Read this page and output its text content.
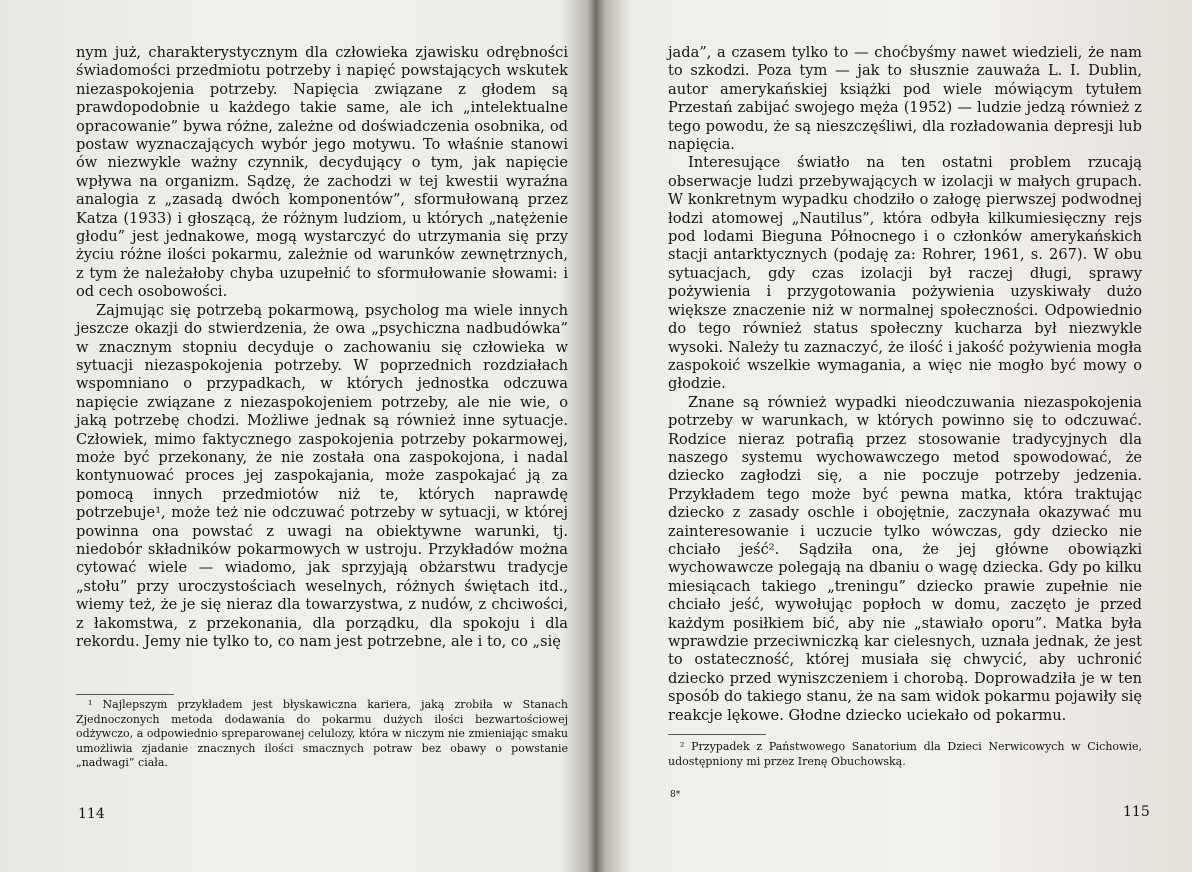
nym już, charakterystycznym dla człowieka zjawisku odrębności świadomości przedmiotu potrzeby i napięć powstających wskutek niezaspokojenia potrzeby. Napięcia związane z głodem są prawdopodobnie u każdego takie same, ale ich „intelektualne opracowanie” bywa różne, zależne od doświadczenia osobnika, od postaw wyznaczających wybór jego motywu. To właśnie stanowi ów niezwykle ważny czynnik, decydujący o tym, jak napięcie wpływa na organizm. Sądzę, że zachodzi w tej kwestii wyraźna analogia z „zasadą dwóch komponentów”, sformułowaną przez Katza (1933) i głoszącą, że różnym ludziom, u których „natężenie głodu” jest jednakowe, mogą wystarczyć do utrzymania się przy życiu różne ilości pokarmu, zależnie od warunków zewnętrznych, z tym że należałoby chyba uzupełnić to sformułowanie słowami: i od cech osobowości.

Zajmując się potrzebą pokarmową, psycholog ma wiele innych jeszcze okazji do stwierdzenia, że owa „psychiczna nadbudówka” w znacznym stopniu decyduje o zachowaniu się człowieka w sytuacji niezaspokojenia potrzeby. W poprzednich rozdziałach wspomniano o przypadkach, w których jednostka odczuwa napięcie związane z niezaspokojeniem potrzeby, ale nie wie, o jaką potrzebę chodzi. Możliwe jednak są również inne sytuacje. Człowiek, mimo faktycznego zaspokojenia potrzeby pokarmowej, może być przekonany, że nie została ona zaspokojona, i nadal kontynuować proces jej zaspokajania, może zaspokajać ją za pomocą innych przedmiotów niż te, których naprawdę potrzebuje¹, może też nie odczuwać potrzeby w sytuacji, w której powinna ona powstać z uwagi na obiektywne warunki, tj. niedobór składników pokarmowych w ustroju. Przykładów można cytować wiele — wiadomo, jak sprzyjają obżarstwu tradycje „stołu” przy uroczystościach weselnych, różnych świętach itd., wiemy też, że je się nieraz dla towarzystwa, z nudów, z chciwości, z łakomstwa, z przekonania, dla porządku, dla spokoju i dla rekordu. Jemy nie tylko to, co nam jest potrzebne, ale i to, co „się

¹ Najlepszym przykładem jest błyskawiczna kariera, jaką zrobiła w Stanach Zjednoczonych metoda dodawania do pokarmu dużych ilości bezwartościowej odżywczo, a odpowiednio spreparowanej celulozy, która w niczym nie zmieniając smaku umożliwia zjadanie znacznych ilości smacznych potraw bez obawy o powstanie „nadwagi” ciała.

114

jada”, a czasem tylko to — choćbyśmy nawet wiedzieli, że nam to szkodzi. Poza tym — jak to słusznie zauważa L. I. Dublin, autor amerykańskiej książki pod wiele mówiącym tytułem Przestań zabijać swojego męża (1952) — ludzie jedzą również z tego powodu, że są nieszczęśliwi, dla rozładowania depresji lub napięcia.

Interesujące światło na ten ostatni problem rzucają obserwacje ludzi przebywających w izolacji w małych grupach. W konkretnym wypadku chodziło o załogę pierwszej podwodnej łodzi atomowej „Nautilus”, która odbyła kilkumiesięczny rejs pod lodami Bieguna Północnego i o członków amerykańskich stacji antarktycznych (podaję za: Rohrer, 1961, s. 267). W obu sytuacjach, gdy czas izolacji był raczej długi, sprawy pożywienia i przygotowania pożywienia uzyskiwały dużo większe znaczenie niż w normalnej społeczności. Odpowiednio do tego również status społeczny kucharza był niezwykle wysoki. Należy tu zaznaczyć, że ilość i jakość pożywienia mogła zaspokoić wszelkie wymagania, a więc nie mogło być mowy o głodzie.

Znane są również wypadki nieodczuwania niezaspokojenia potrzeby w warunkach, w których powinno się to odczuwać. Rodzice nieraz potrafią przez stosowanie tradycyjnych dla naszego systemu wychowawczego metod spowodować, że dziecko zagłodzi się, a nie poczuje potrzeby jedzenia. Przykładem tego może być pewna matka, która traktując dziecko z zasady oschle i obojętnie, zaczynała okazywać mu zainteresowanie i uczucie tylko wówczas, gdy dziecko nie chciało jeść². Sądziła ona, że jej główne obowiązki wychowawcze polegają na dbaniu o wagę dziecka. Gdy po kilku miesiącach takiego „treningu” dziecko prawie zupełnie nie chciało jeść, wywołując popłoch w domu, zaczęto je przed każdym posiłkiem bić, aby nie „stawiało oporu”. Matka była wprawdzie przeciwniczką kar cielesnych, uznała jednak, że jest to ostateczność, której musiała się chwycić, aby uchronić dziecko przed wyniszczeniem i chorobą. Doprowadziła je w ten sposób do takiego stanu, że na sam widok pokarmu pojawiły się reakcje lękowe. Głodne dziecko uciekało od pokarmu.

² Przypadek z Państwowego Sanatorium dla Dzieci Nerwicowych w Cichowie, udostępniony mi przez Irenę Obuchowską.

8*
115
